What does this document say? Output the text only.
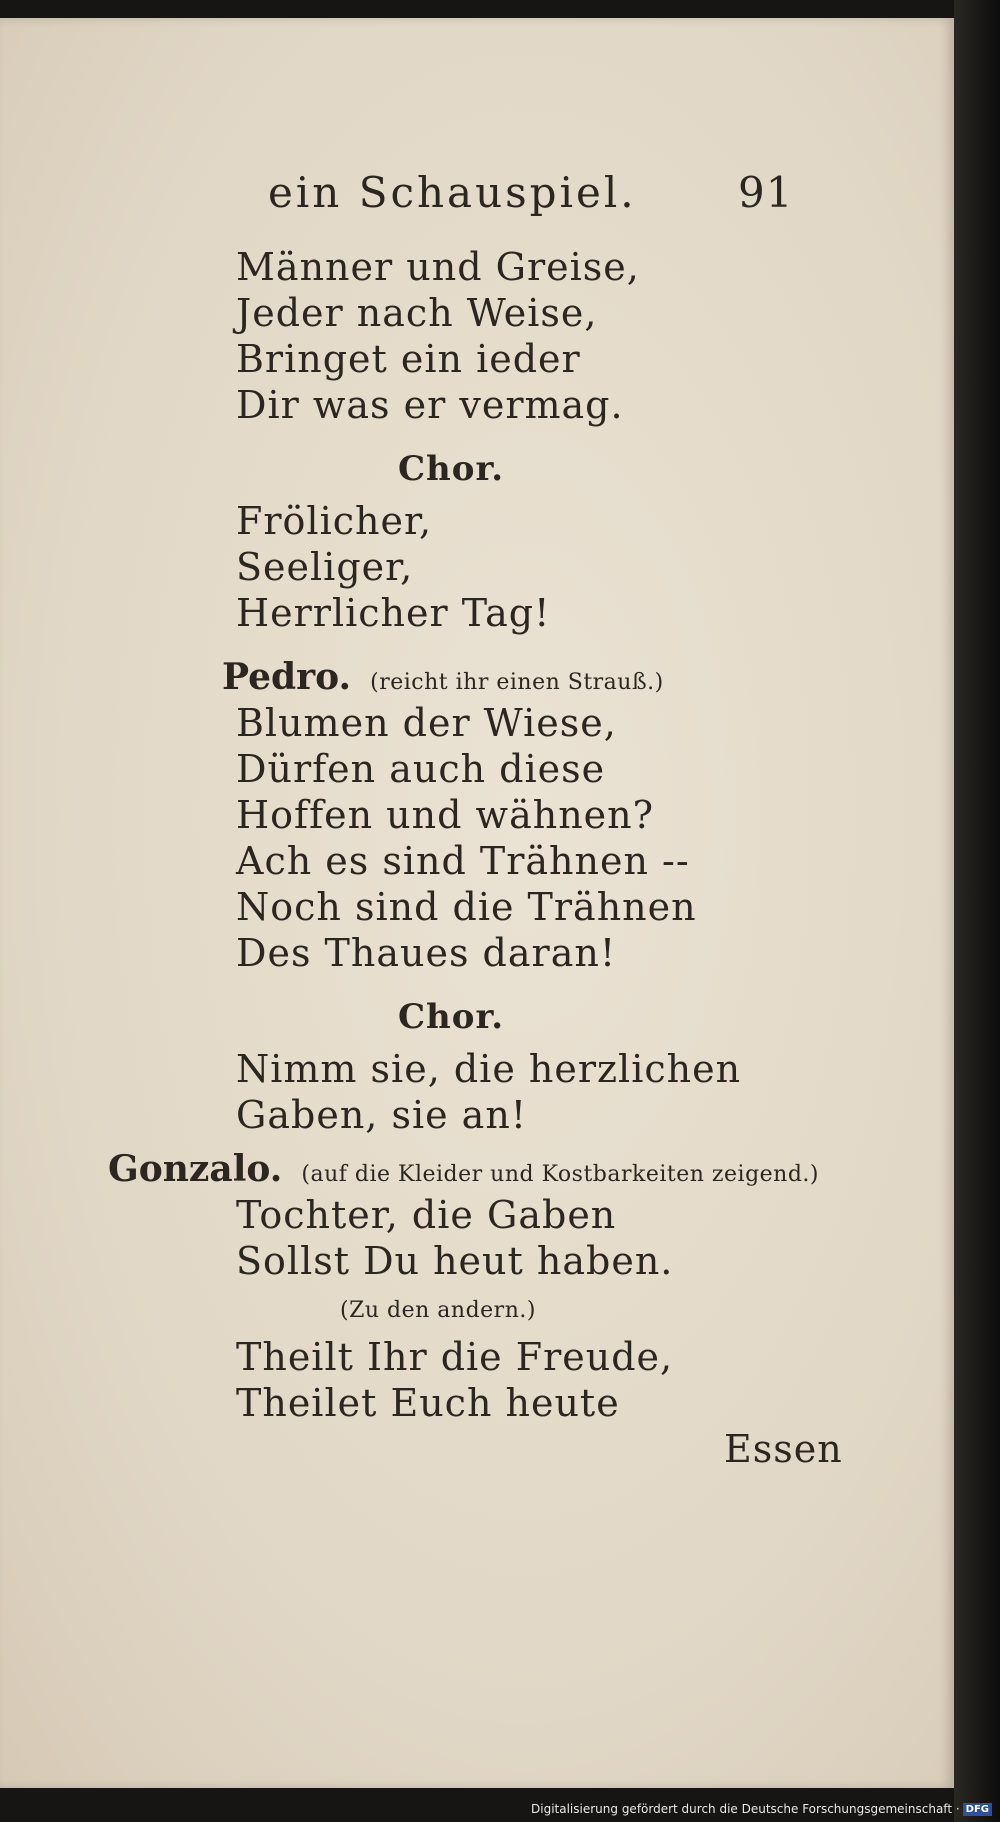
ein Schauspiel. 91
Männer und Greise,
Jeder nach Weise,
Bringet ein ieder
Dir was er vermag.
Chor.
Frölicher,
Seeliger,
Herrlicher Tag!
Pedro. (reicht ihr einen Strauß.)
Blumen der Wiese,
Dürfen auch diese
Hoffen und wähnen?
Ach es sind Trähnen --
Noch sind die Trähnen
Des Thaues daran!
Chor.
Nimm sie, die herzlichen
Gaben, sie an!
Gonzalo. (auf die Kleider und Kostbarkeiten zeigend.)
Tochter, die Gaben
Sollst Du heut haben.
(Zu den andern.)
Theilt Ihr die Freude,
Theilet Euch heute
Essen
Digitalisierung gefördert durch die Deutsche Forschungsgemeinschaft · DFG
